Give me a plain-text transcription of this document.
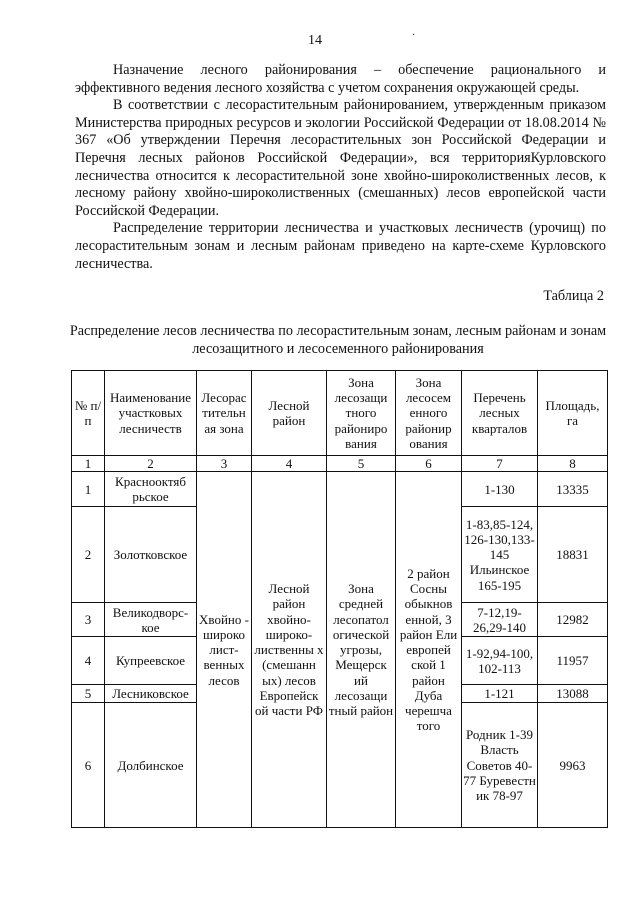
14	·

Назначение лесного районирования – обеспечение рационального и эффективного ведения лесного хозяйства с учетом сохранения окружающей среды.

В соответствии с лесорастительным районированием, утвержденным приказом Министерства природных ресурсов и экологии Российской Федерации от 18.08.2014 № 367 «Об утверждении Перечня лесорастительных зон Российской Федерации и Перечня лесных районов Российской Федерации», вся территорияКурловского лесничества относится к лесорастительной зоне хвойно-широколиственных лесов, к лесному району хвойно-широколиственных (смешанных) лесов европейской части Российской Федерации.

Распределение территории лесничества и участковых лесничеств (урочищ) по лесорастительным зонам и лесным районам приведено на карте-схеме Курловского лесничества.

Таблица 2
Распределение лесов лесничества по лесорастительным зонам, лесным районам и зонам лесозащитного и лесосеменного районирования
№ п/п	Наименование участковых лесничеств	Лесорас тительн ая зона	Лесной район	Зона лесозащи тного райониро вания	Зона лесосем енного районир ования	Перечень лесных кварталов	Площадь, га
1	2	3	4	5	6	7	8
1	Краснооктяб рьское	Хвойно - широко лист-венных лесов	Лесной район хвойно-широко-лиственны х (смешанн ых) лесов Европейск ой части РФ	Зона средней лесопатол огической угрозы, Мещерск ий лесозащи тный район	2 район Сосны обыкнов енной, 3 район Ели европей ской 1 район Дуба черешча того	1-130	13335
2	Золотковское					1-83,85-124, 126-130,133-145 Ильинское 165-195	18831
3	Великодворс-кое					7-12,19-26,29-140	12982
4	Купреевское					1-92,94-100, 102-113	11957
5	Лесниковское					1-121	13088
6	Долбинское					Родник 1-39 Власть Советов 40-77 Буревестн ик 78-97	9963
